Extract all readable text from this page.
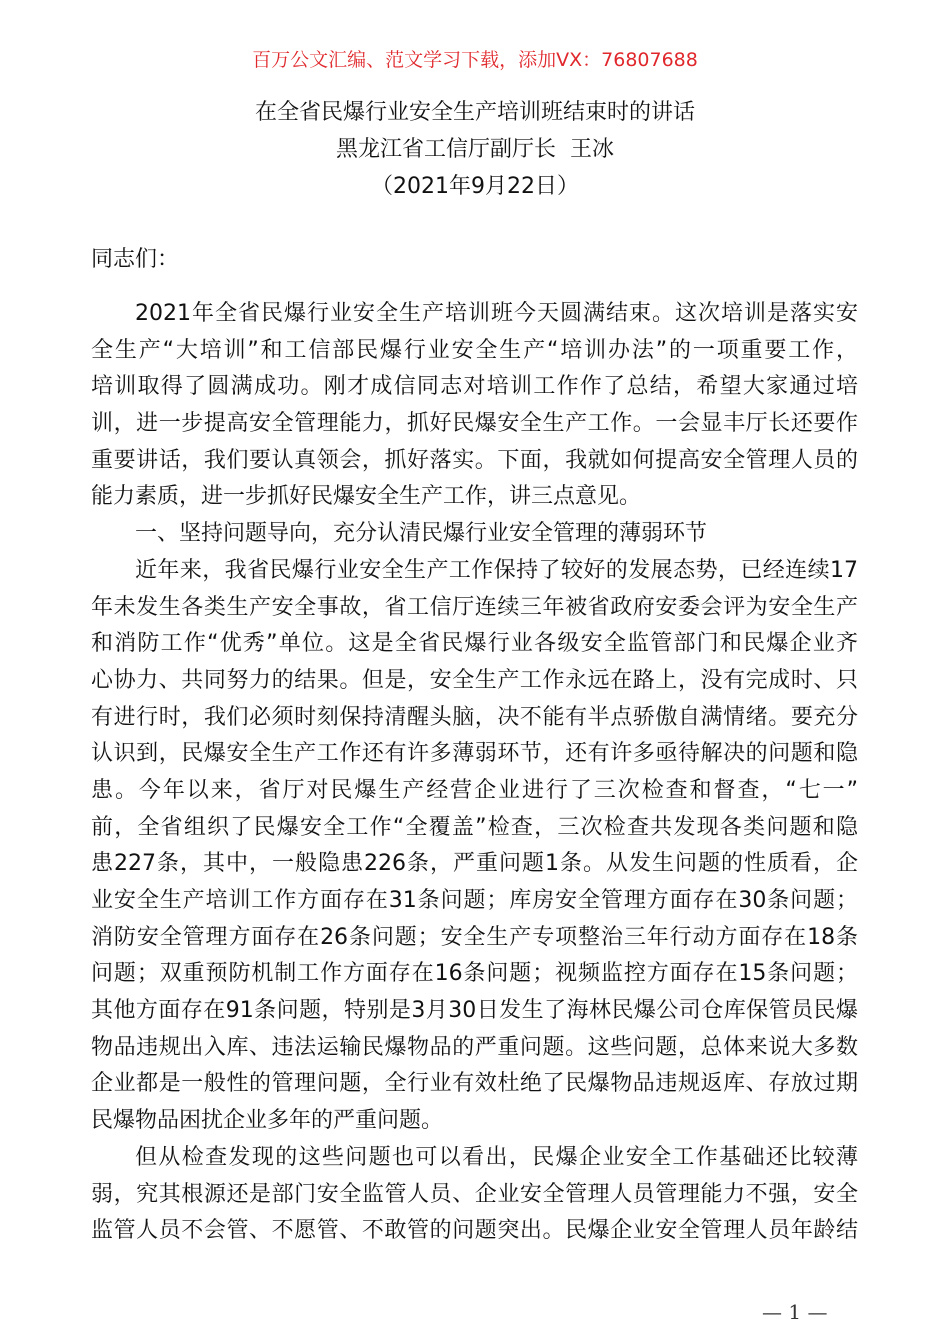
百万公文汇编、范文学习下载，添加VX：76807688
在全省民爆行业安全生产培训班结束时的讲话
黑龙江省工信厅副厅长  王冰
（2021年9月22日）
同志们：
2021年全省民爆行业安全生产培训班今天圆满结束。这次培训是落实安
全生产“大培训”和工信部民爆行业安全生产“培训办法”的一项重要工作，
培训取得了圆满成功。刚才成信同志对培训工作作了总结，希望大家通过培
训，进一步提高安全管理能力，抓好民爆安全生产工作。一会显丰厅长还要作
重要讲话，我们要认真领会，抓好落实。下面，我就如何提高安全管理人员的
能力素质，进一步抓好民爆安全生产工作，讲三点意见。
一、坚持问题导向，充分认清民爆行业安全管理的薄弱环节
近年来，我省民爆行业安全生产工作保持了较好的发展态势，已经连续17
年未发生各类生产安全事故，省工信厅连续三年被省政府安委会评为安全生产
和消防工作“优秀”单位。这是全省民爆行业各级安全监管部门和民爆企业齐
心协力、共同努力的结果。但是，安全生产工作永远在路上，没有完成时、只
有进行时，我们必须时刻保持清醒头脑，决不能有半点骄傲自满情绪。要充分
认识到，民爆安全生产工作还有许多薄弱环节，还有许多亟待解决的问题和隐
患。今年以来，省厅对民爆生产经营企业进行了三次检查和督查，“七一”
前，全省组织了民爆安全工作“全覆盖”检查，三次检查共发现各类问题和隐
患227条，其中，一般隐患226条，严重问题1条。从发生问题的性质看，企
业安全生产培训工作方面存在31条问题；库房安全管理方面存在30条问题；
消防安全管理方面存在26条问题；安全生产专项整治三年行动方面存在18条
问题；双重预防机制工作方面存在16条问题；视频监控方面存在15条问题；
其他方面存在91条问题，特别是3月30日发生了海林民爆公司仓库保管员民爆
物品违规出入库、违法运输民爆物品的严重问题。这些问题，总体来说大多数
企业都是一般性的管理问题，全行业有效杜绝了民爆物品违规返库、存放过期
民爆物品困扰企业多年的严重问题。
但从检查发现的这些问题也可以看出，民爆企业安全工作基础还比较薄
弱，究其根源还是部门安全监管人员、企业安全管理人员管理能力不强，安全
监管人员不会管、不愿管、不敢管的问题突出。民爆企业安全管理人员年龄结
— 1 —
